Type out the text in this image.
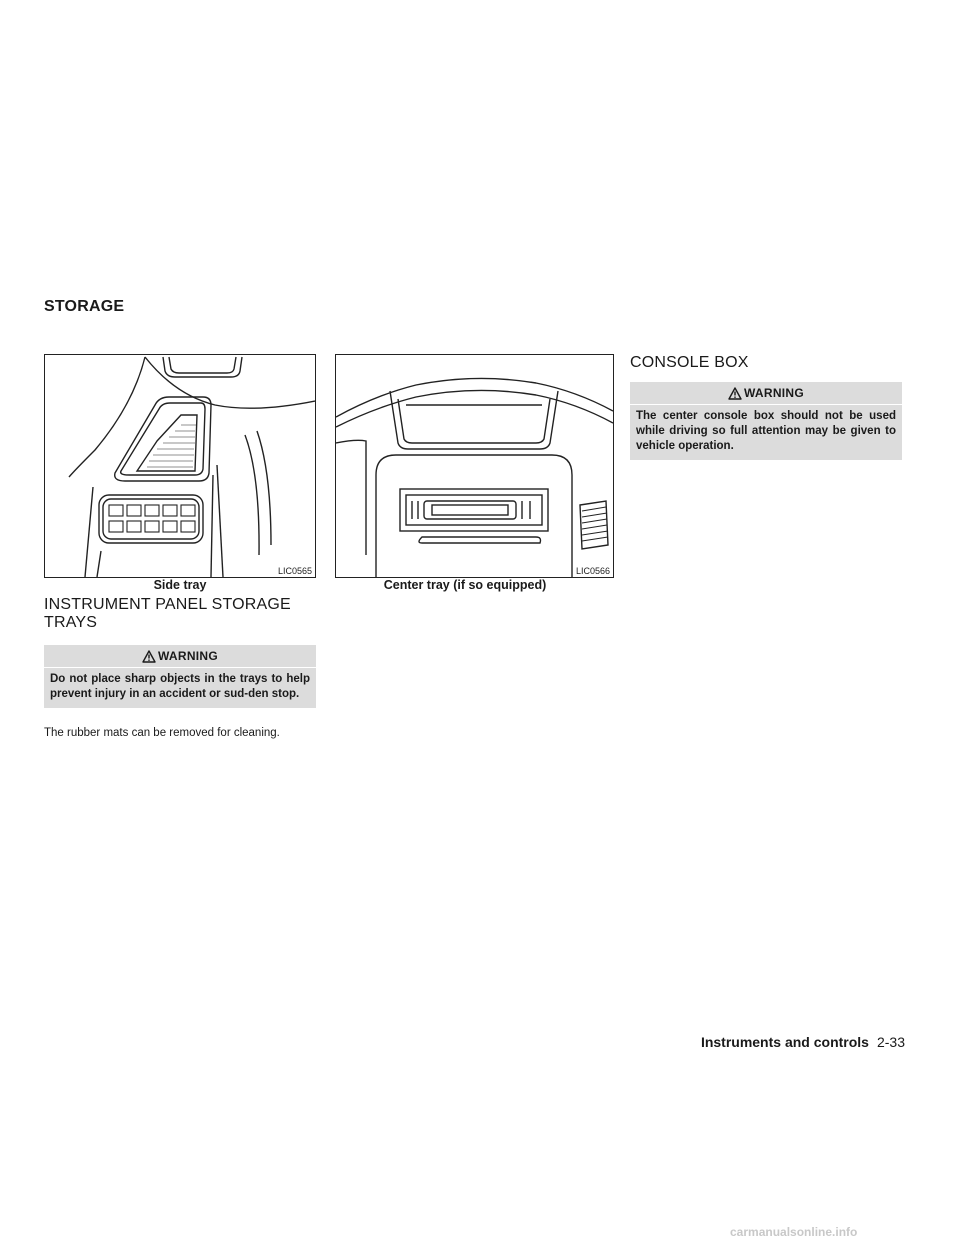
STORAGE
LIC0565
Side tray
LIC0566
Center tray (if so equipped)
INSTRUMENT PANEL STORAGE
TRAYS
WARNING
Do not place sharp objects in the trays to help prevent injury in an accident or sud-den stop.
The rubber mats can be removed for cleaning.
CONSOLE BOX
WARNING
The center console box should not be used while driving so full attention may be given to vehicle operation.
Instruments and controls 2-33
carmanualsonline.info
